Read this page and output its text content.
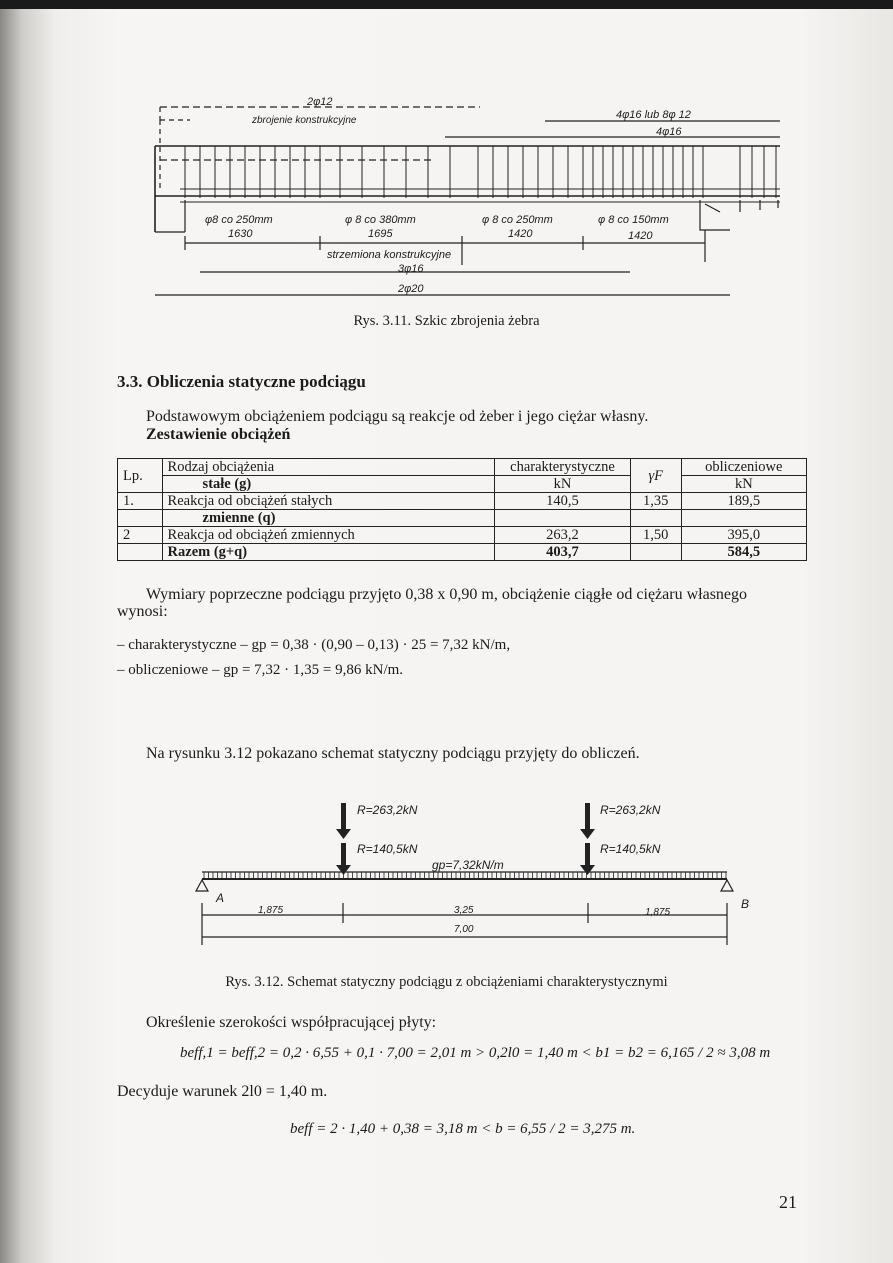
2φ12
zbrojenie konstrukcyjne	4φ16 lub 8φ 12
4φ16
φ8 co 250mm
1630
φ 8 co 380mm
1695
φ 8 co 250mm
1420
φ 8 co 150mm
1420
strzemiona konstrukcyjne
3φ16
2φ20
Rys. 3.11. Szkic zbrojenia żebra
3.3. Obliczenia statyczne podciągu
Podstawowym obciążeniem podciągu są reakcje od żeber i jego ciężar własny.
Zestawienie obciążeń
Lp.	Rodzaj obciążenia	charakterystyczne	γF	obliczeniowe
	stałe (g)	kN		kN
1.	Reakcja od obciążeń stałych	140,5	1,35	189,5
	zmienne (q)			
2	Reakcja od obciążeń zmiennych	263,2	1,50	395,0
	Razem (g+q)	403,7		584,5
Wymiary poprzeczne podciągu przyjęto 0,38 x 0,90 m, obciążenie ciągłe od ciężaru własnego
wynosi:
– charakterystyczne – gp = 0,38 · (0,90 – 0,13) · 25 = 7,32 kN/m,
– obliczeniowe – gp = 7,32 · 1,35 = 9,86 kN/m.
Na rysunku 3.12 pokazano schemat statyczny podciągu przyjęty do obliczeń.
R=263,2kN	R=263,2kN
R=140,5kN	R=140,5kN
gp=7,32kN/m
A	B
1,875	3,25	1,875
7,00
Rys. 3.12. Schemat statyczny podciągu z obciążeniami charakterystycznymi
Określenie szerokości współpracującej płyty:
beff,1 = beff,2 = 0,2 · 6,55 + 0,1 · 7,00 = 2,01 m > 0,2l0 = 1,40 m < b1 = b2 = 6,165 / 2 ≈ 3,08 m
Decyduje warunek 2l0 = 1,40 m.
beff = 2 · 1,40 + 0,38 = 3,18 m < b = 6,55 / 2 = 3,275 m.
21
